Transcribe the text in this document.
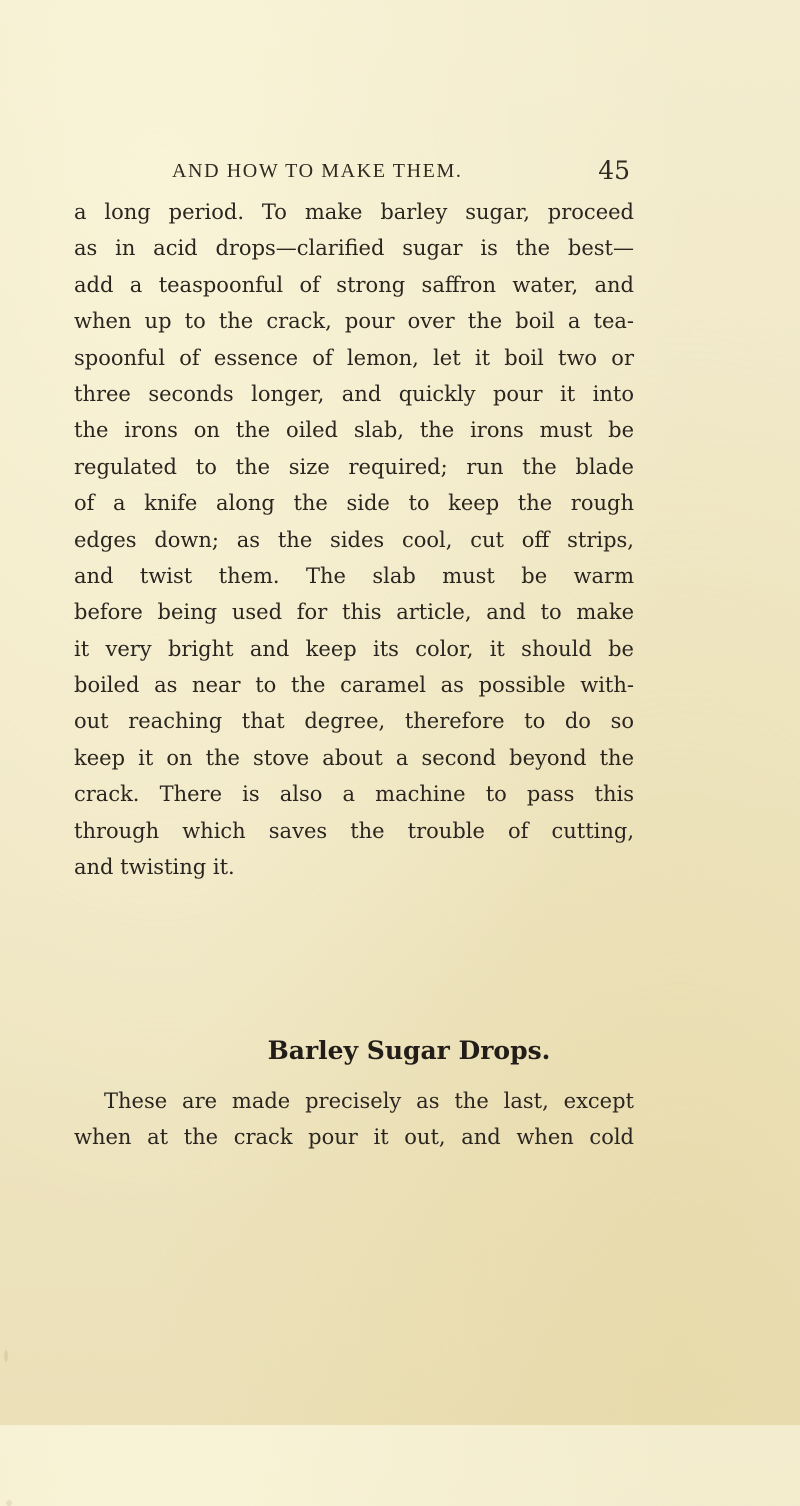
AND HOW TO MAKE THEM.	45
a long period. To make barley sugar, proceed
as in acid drops—clarified sugar is the best—
add a teaspoonful of strong saffron water, and
when up to the crack, pour over the boil a tea-
spoonful of essence of lemon, let it boil two or
three seconds longer, and quickly pour it into
the irons on the oiled slab, the irons must be
regulated to the size required; run the blade
of a knife along the side to keep the rough
edges down; as the sides cool, cut off strips,
and twist them. The slab must be warm
before being used for this article, and to make
it very bright and keep its color, it should be
boiled as near to the caramel as possible with-
out reaching that degree, therefore to do so
keep it on the stove about a second beyond the
crack. There is also a machine to pass this
through which saves the trouble of cutting,
and twisting it.
Barley Sugar Drops.
These are made precisely as the last, except
when at the crack pour it out, and when cold
